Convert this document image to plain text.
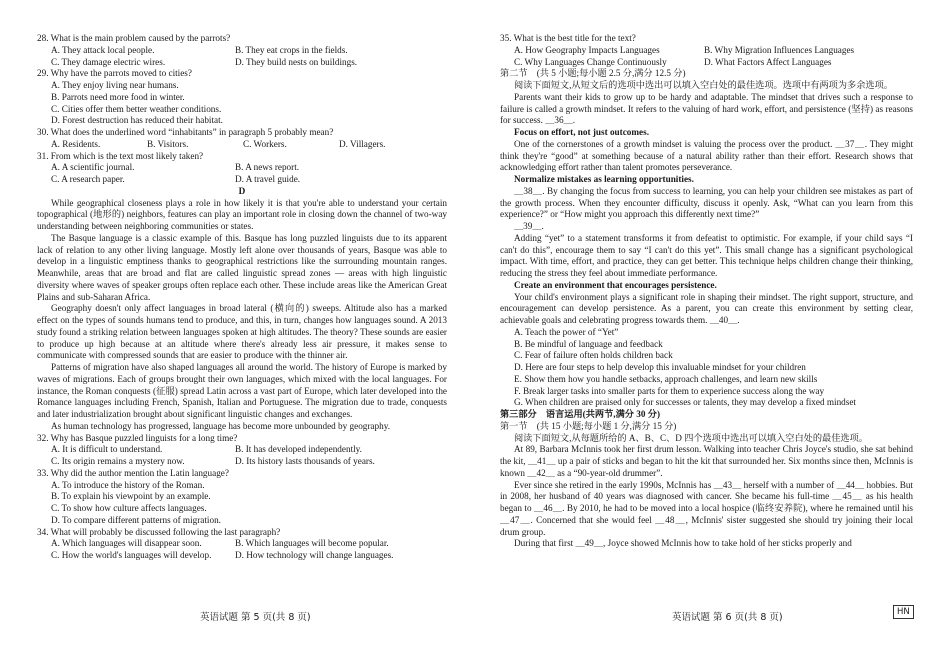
28. What is the main problem caused by the parrots?
A. They attack local people.	B. They eat crops in the fields.
C. They damage electric wires.	D. They build nests on buildings.
29. Why have the parrots moved to cities?
A. They enjoy living near humans.
B. Parrots need more food in winter.
C. Cities offer them better weather conditions.
D. Forest destruction has reduced their habitat.
30. What does the underlined word “inhabitants” in paragraph 5 probably mean?
A. Residents.	B. Visitors.	C. Workers.	D. Villagers.
31. From which is the text most likely taken?
A. A scientific journal.	B. A news report.
C. A research paper.	D. A travel guide.
D
While geographical closeness plays a role in how likely it is that you're able to understand your certain topographical (地形的) neighbors, features can play an important role in closing down the channel of two-way understanding between neighboring communities or states.
The Basque language is a classic example of this. Basque has long puzzled linguists due to its apparent lack of relation to any other living language. Mostly left alone over thousands of years, Basque was able to develop in a linguistic emptiness thanks to geographical restrictions like the surrounding mountain ranges. Meanwhile, areas that are broad and flat are called linguistic spread zones — areas with high linguistic diversity where waves of speaker groups often replace each other. These include areas like the American Great Plains and sub-Saharan Africa.
Geography doesn't only affect languages in broad lateral (横向的) sweeps. Altitude also has a marked effect on the types of sounds humans tend to produce, and this, in turn, changes how languages sound. A 2013 study found a striking relation between languages spoken at high altitudes. The theory? These sounds are easier to produce up high because at an altitude where there's already less air pressure, it makes sense to communicate with compressed sounds that are easier to produce with the thinner air.
Patterns of migration have also shaped languages all around the world. The history of Europe is marked by waves of migrations. Each of groups brought their own languages, which mixed with the local languages. For instance, the Roman conquests (征服) spread Latin across a vast part of Europe, which later developed into the Romance languages including French, Spanish, Italian and Portuguese. The migration due to trade, conquests and later industrialization brought about significant linguistic changes and exchanges.
As human technology has progressed, language has become more unbounded by geography.
32. Why has Basque puzzled linguists for a long time?
A. It is difficult to understand.	B. It has developed independently.
C. Its origin remains a mystery now.	D. Its history lasts thousands of years.
33. Why did the author mention the Latin language?
A. To introduce the history of the Roman.
B. To explain his viewpoint by an example.
C. To show how culture affects languages.
D. To compare different patterns of migration.
34. What will probably be discussed following the last paragraph?
A. Which languages will disappear soon.	B. Which languages will become popular.
C. How the world's languages will develop.	D. How technology will change languages.
35. What is the best title for the text?
A. How Geography Impacts Languages	B. Why Migration Influences Languages
C. Why Languages Change Continuously	D. What Factors Affect Languages
第二节　(共 5 小题;每小题 2.5 分,满分 12.5 分)
阅读下面短文,从短文后的选项中选出可以填入空白处的最佳选项。选项中有两项为多余选项。
Parents want their kids to grow up to be hardy and adaptable. The mindset that drives such a response to failure is called a growth mindset. It refers to the valuing of hard work, effort, and persistence (坚持) as reasons for success. ＿36＿.
Focus on effort, not just outcomes.
One of the cornerstones of a growth mindset is valuing the process over the product. ＿37＿. They might think they're “good” at something because of a natural ability rather than their effort. Research shows that acknowledging effort rather than talent promotes perseverance.
Normalize mistakes as learning opportunities.
＿38＿. By changing the focus from success to learning, you can help your children see mistakes as part of the growth process. When they encounter difficulty, discuss it openly. Ask, “What can you learn from this experience?” or “How might you approach this differently next time?”
＿39＿.
Adding “yet” to a statement transforms it from defeatist to optimistic. For example, if your child says “I can't do this”, encourage them to say “I can't do this yet”. This small change has a significant psychological impact. With time, effort, and practice, they can get better. This technique helps children change their thinking, reducing the stress they feel about immediate performance.
Create an environment that encourages persistence.
Your child's environment plays a significant role in shaping their mindset. The right support, structure, and encouragement can develop persistence. As a parent, you can create this environment by setting clear, achievable goals and celebrating progress towards them. ＿40＿.
A. Teach the power of “Yet”
B. Be mindful of language and feedback
C. Fear of failure often holds children back
D. Here are four steps to help develop this invaluable mindset for your children
E. Show them how you handle setbacks, approach challenges, and learn new skills
F. Break larger tasks into smaller parts for them to experience success along the way
G. When children are praised only for successes or talents, they may develop a fixed mindset
第三部分　语言运用(共两节,满分 30 分)
第一节　(共 15 小题;每小题 1 分,满分 15 分)
阅读下面短文,从每题所给的 A、B、C、D 四个选项中选出可以填入空白处的最佳选项。
At 89, Barbara McInnis took her first drum lesson. Walking into teacher Chris Joyce's studio, she sat behind the kit, ＿41＿ up a pair of sticks and began to hit the kit that surrounded her. Six months since then, McInnis is known ＿42＿ as a “90-year-old drummer”.
Ever since she retired in the early 1990s, McInnis has ＿43＿ herself with a number of ＿44＿ hobbies. But in 2008, her husband of 40 years was diagnosed with cancer. She became his full-time ＿45＿ as his health began to ＿46＿. By 2010, he had to be moved into a local hospice (临终安养院), where he remained until his ＿47＿. Concerned that she would feel ＿48＿, McInnis' sister suggested she should try joining their local drum group.
During that first ＿49＿, Joyce showed McInnis how to take hold of her sticks properly and
英语试题 第 5 页(共 8 页)	英语试题 第 6 页(共 8 页)	HN
